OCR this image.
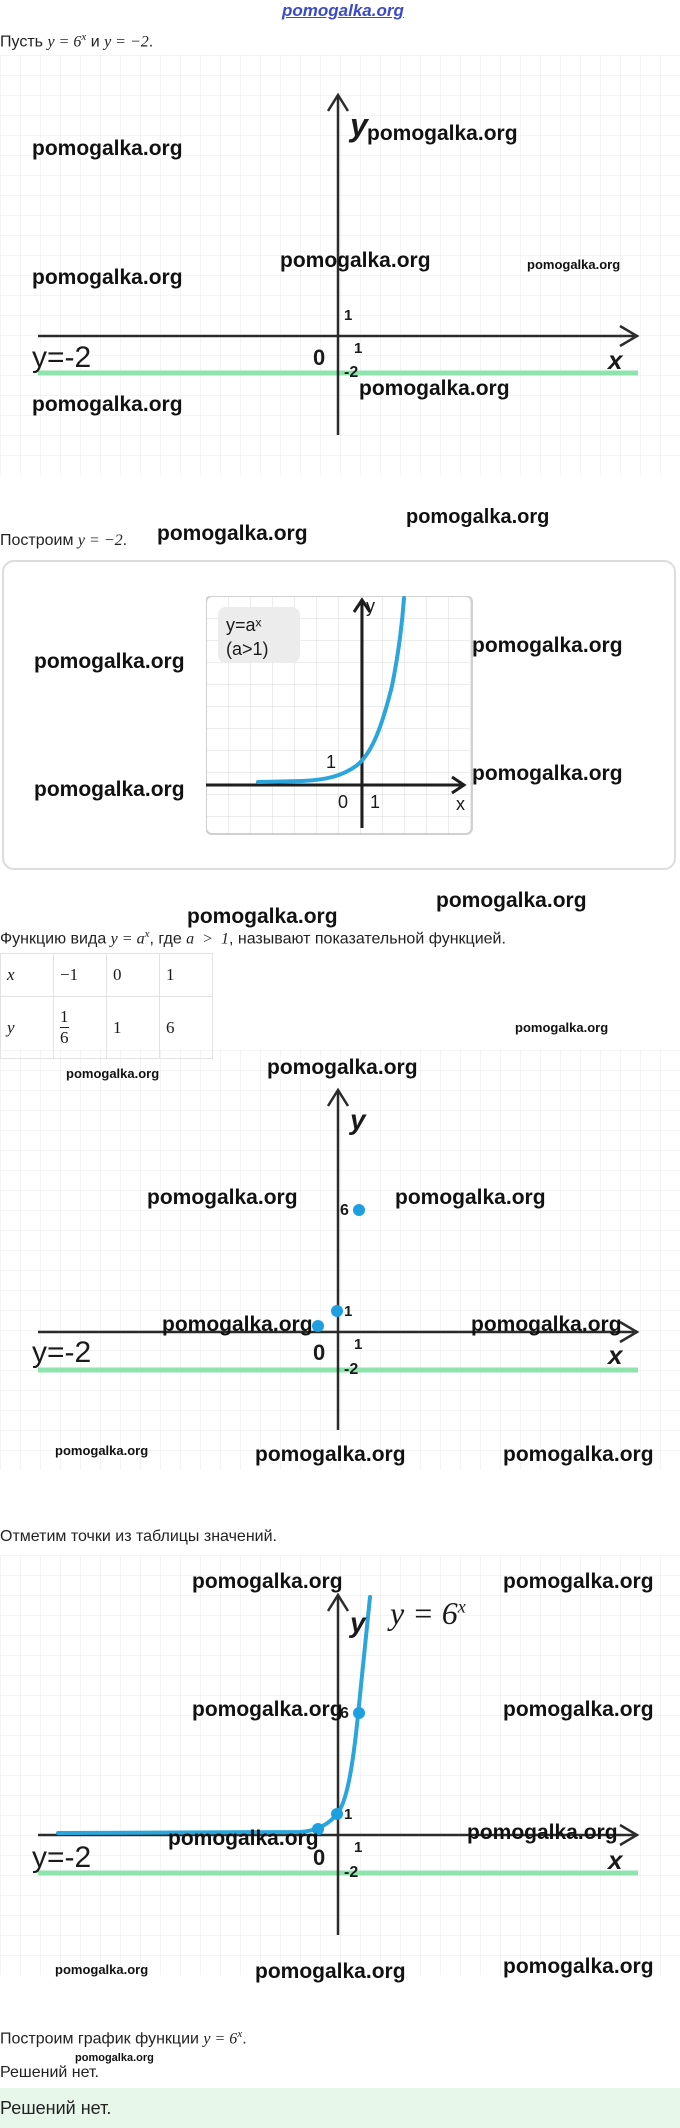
pomogalka.org
Пусть $y = 6^x$ и y = −2.
y
x
y=-2	0
1
1
-2
pomogalka.org
pomogalka.org
pomogalka.org	pomogalka.org
pomogalka.org
pomogalka.org
pomogalka.org
Построим y = −2. pomogalka.org
pomogalka.org
y=aˣ
(a>1)
y
x
1
0 1
pomogalka.org
pomogalka.org
pomogalka.org
pomogalka.org
pomogalka.org
pomogalka.org
Функцию вида $y = a^x$, где a  >  1, называют показательной функцией.
x	−1	0	1
y	$\frac{1}{6}$	1	6
y
x
y=-2	0
1
1
-2
6
pomogalka.org
pomogalka.org	pomogalka.org
pomogalka.org	pomogalka.org
pomogalka.org	pomogalka.org
pomogalka.org	pomogalka.org	pomogalka.org
Отметим точки из таблицы значений.
y $y = 6^x$
x
y=-2	0
1
1
-2
6
pomogalka.org	pomogalka.org
pomogalka.org	pomogalka.org
pomogalka.org	pomogalka.org
pomogalka.org	pomogalka.org	pomogalka.org
Построим график функции $y = 6^x$.
pomogalka.org
Решений нет.
Решений нет.
